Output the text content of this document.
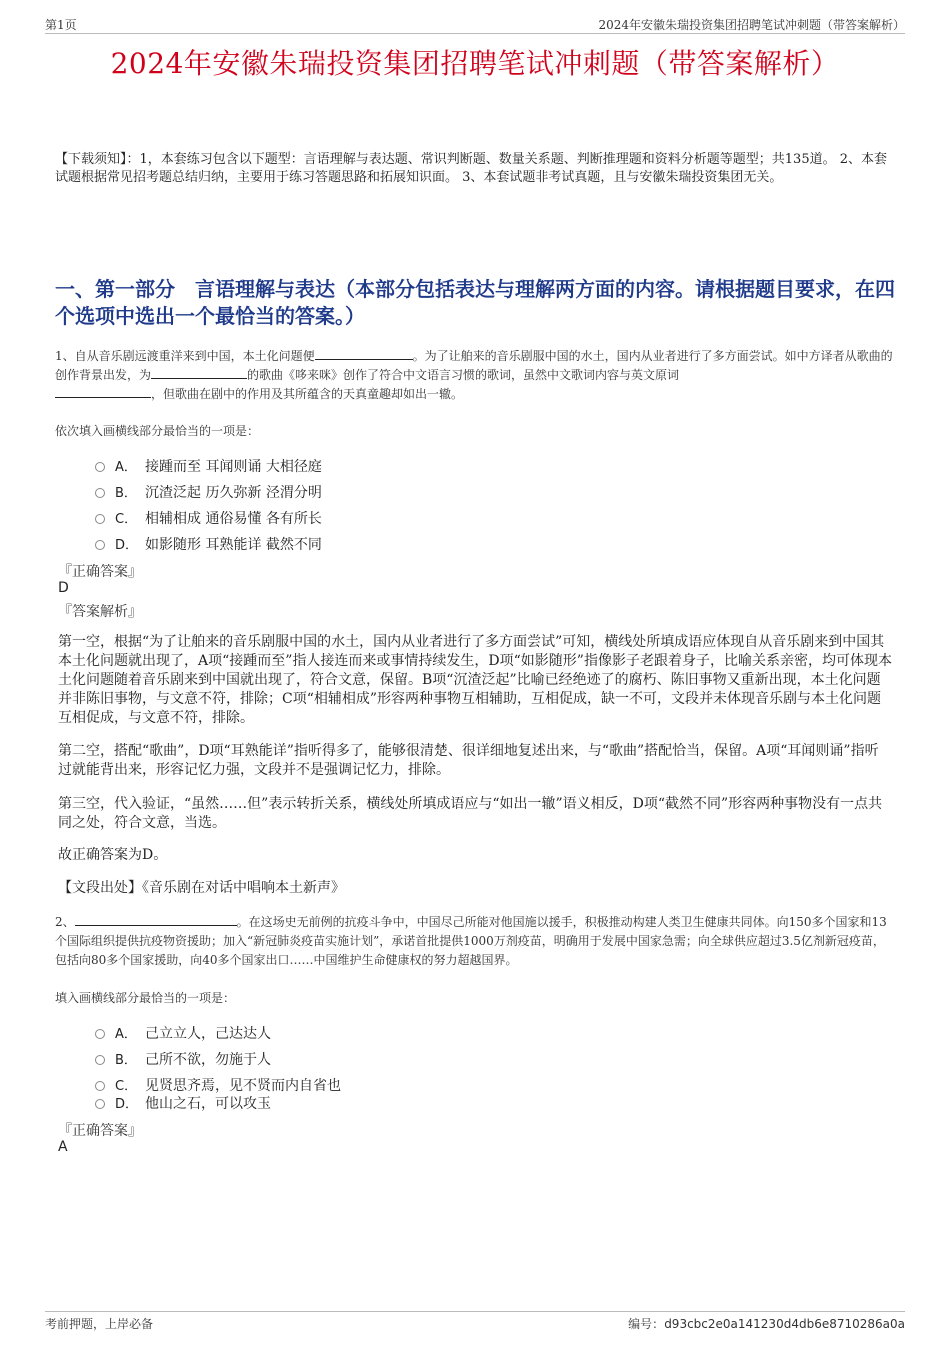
第1页	2024年安徽朱瑞投资集团招聘笔试冲刺题（带答案解析）
2024年安徽朱瑞投资集团招聘笔试冲刺题（带答案解析）

【下载须知】：1，本套练习包含以下题型：言语理解与表达题、常识判断题、数量关系题、判断推理题和资料分析题等题型；共135道。 2、本套试题根据常见招考题总结归纳，主要用于练习答题思路和拓展知识面。 3、本套试题非考试真题，且与安徽朱瑞投资集团无关。

一、第一部分　言语理解与表达（本部分包括表达与理解两方面的内容。请根据题目要求，在四个选项中选出一个最恰当的答案。）
1、自从音乐剧远渡重洋来到中国，本土化问题便	。为了让舶来的音乐剧服中国的水土，国内从业者进行了多方面尝试。如中方译者从歌曲的创作背景出发，为	的歌曲《哆来咪》创作了符合中文语言习惯的歌词，虽然中文歌词内容与英文原词
，但歌曲在剧中的作用及其所蕴含的天真童趣却如出一辙。
依次填入画横线部分最恰当的一项是：
A． 接踵而至 耳闻则诵 大相径庭
B． 沉渣泛起 历久弥新 泾渭分明
C． 相辅相成 通俗易懂 各有所长
D． 如影随形 耳熟能详 截然不同
『正确答案』
D
『答案解析』

第一空，根据“为了让舶来的音乐剧服中国的水土，国内从业者进行了多方面尝试”可知，横线处所填成语应体现自从音乐剧来到中国其本土化问题就出现了，A项“接踵而至”指人接连而来或事情持续发生，D项“如影随形”指像影子老跟着身子，比喻关系亲密，均可体现本土化问题随着音乐剧来到中国就出现了，符合文意，保留。B项“沉渣泛起”比喻已经绝迹了的腐朽、陈旧事物又重新出现，本土化问题并非陈旧事物，与文意不符，排除；C项“相辅相成”形容两种事物互相辅助，互相促成，缺一不可，文段并未体现音乐剧与本土化问题互相促成，与文意不符，排除。

第二空，搭配“歌曲”，D项“耳熟能详”指听得多了，能够很清楚、很详细地复述出来，与“歌曲”搭配恰当，保留。A项“耳闻则诵”指听过就能背出来，形容记忆力强，文段并不是强调记忆力，排除。

第三空，代入验证，“虽然……但”表示转折关系，横线处所填成语应与“如出一辙”语义相反，D项“截然不同”形容两种事物没有一点共同之处，符合文意，当选。

故正确答案为D。

【文段出处】《音乐剧在对话中唱响本土新声》

2、	。在这场史无前例的抗疫斗争中，中国尽己所能对他国施以援手，积极推动构建人类卫生健康共同体。向150多个国家和13个国际组织提供抗疫物资援助；加入“新冠肺炎疫苗实施计划”，承诺首批提供1000万剂疫苗，明确用于发展中国家急需；向全球供应超过3.5亿剂新冠疫苗，包括向80多个国家援助，向40多个国家出口……中国维护生命健康权的努力超越国界。
填入画横线部分最恰当的一项是：
A． 己立立人，己达达人
B． 己所不欲，勿施于人
C． 见贤思齐焉，见不贤而内自省也
D． 他山之石，可以攻玉
『正确答案』
A
考前押题，上岸必备	编号：d93cbc2e0a141230d4db6e8710286a0a
